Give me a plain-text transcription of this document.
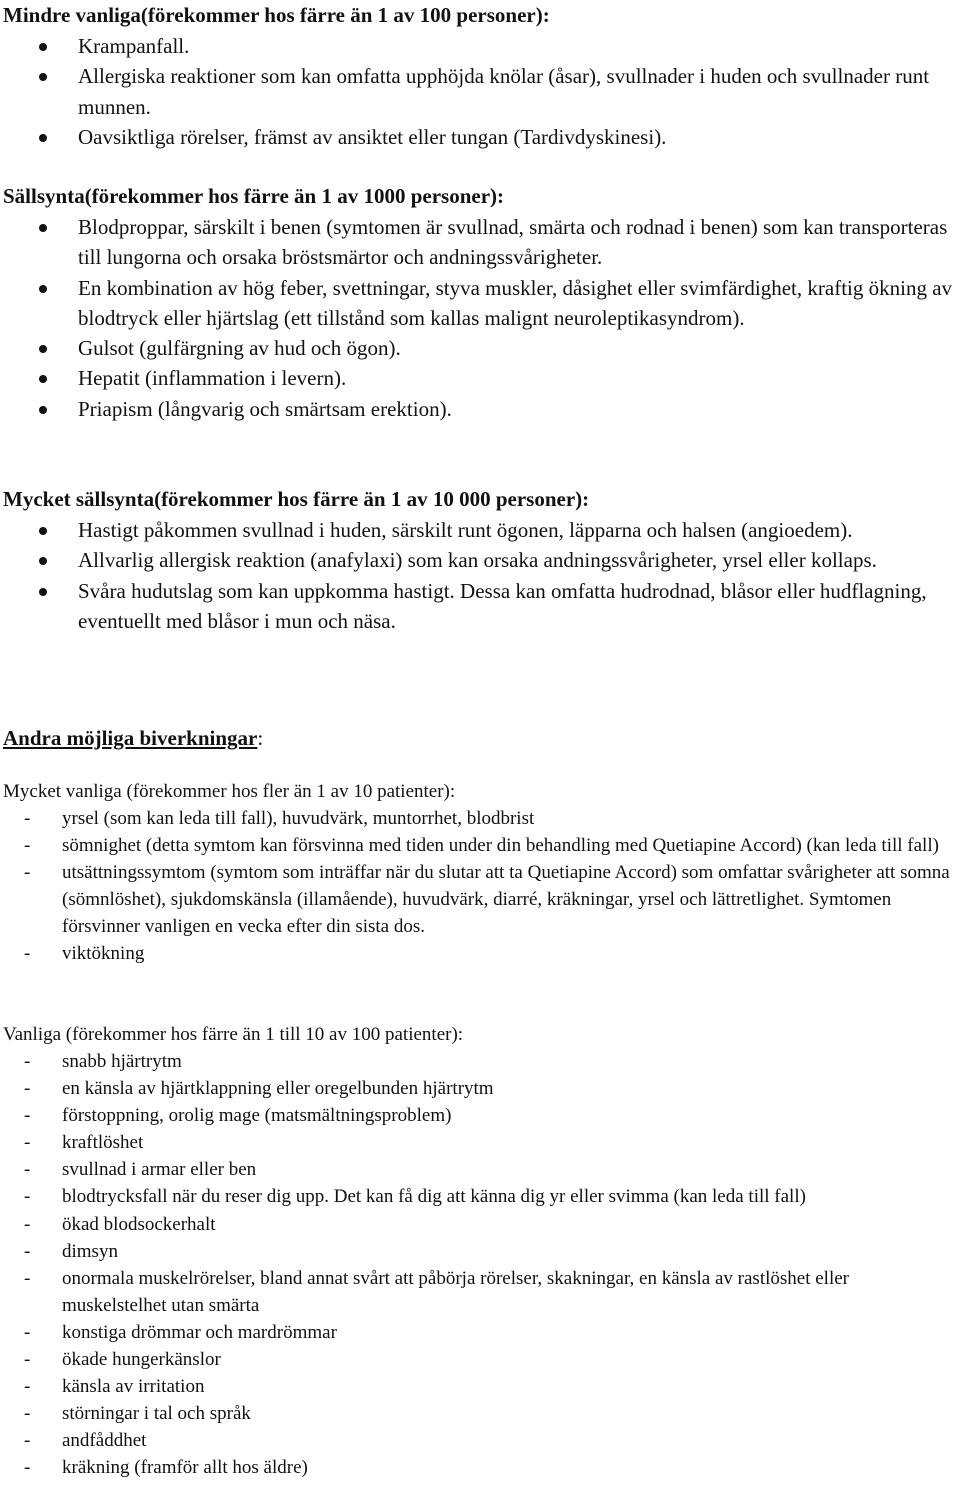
Mindre vanliga(förekommer hos färre än 1 av 100 personer):

Krampanfall.
Allergiska reaktioner som kan omfatta upphöjda knölar (åsar), svullnader i huden och svullnader runt munnen.
Oavsiktliga rörelser, främst av ansiktet eller tungan (Tardivdyskinesi).

Sällsynta(förekommer hos färre än 1 av 1000 personer):

Blodproppar, särskilt i benen (symtomen är svullnad, smärta och rodnad i benen) som kan transporteras till lungorna och orsaka bröstsmärtor och andningssvårigheter.
En kombination av hög feber, svettningar, styva muskler, dåsighet eller svimfärdighet, kraftig ökning av blodtryck eller hjärtslag (ett tillstånd som kallas malignt neuroleptikasyndrom).
Gulsot (gulfärgning av hud och ögon).
Hepatit (inflammation i levern).
Priapism (långvarig och smärtsam erektion).

Mycket sällsynta(förekommer hos färre än 1 av 10 000 personer):

Hastigt påkommen svullnad i huden, särskilt runt ögonen, läpparna och halsen (angioedem).
Allvarlig allergisk reaktion (anafylaxi) som kan orsaka andningssvårigheter, yrsel eller kollaps.
Svåra hudutslag som kan uppkomma hastigt. Dessa kan omfatta hudrodnad, blåsor eller hudflagning, eventuellt med blåsor i mun och näsa.

Andra möjliga biverkningar:

Mycket vanliga (förekommer hos fler än 1 av 10 patienter):

- yrsel (som kan leda till fall), huvudvärk, muntorrhet, blodbrist
- sömnighet (detta symtom kan försvinna med tiden under din behandling med Quetiapine Accord) (kan leda till fall)
- utsättningssymtom (symtom som inträffar när du slutar att ta Quetiapine Accord) som omfattar svårigheter att somna (sömnlöshet), sjukdomskänsla (illamående), huvudvärk, diarré, kräkningar, yrsel och lättretlighet. Symtomen försvinner vanligen en vecka efter din sista dos.
- viktökning

Vanliga (förekommer hos färre än 1 till 10 av 100 patienter):

- snabb hjärtrytm
- en känsla av hjärtklappning eller oregelbunden hjärtrytm
- förstoppning, orolig mage (matsmältningsproblem)
- kraftlöshet
- svullnad i armar eller ben
- blodtrycksfall när du reser dig upp. Det kan få dig att känna dig yr eller svimma (kan leda till fall)
- ökad blodsockerhalt
- dimsyn
- onormala muskelrörelser, bland annat svårt att påbörja rörelser, skakningar, en känsla av rastlöshet eller muskelstelhet utan smärta
- konstiga drömmar och mardrömmar
- ökade hungerkänslor
- känsla av irritation
- störningar i tal och språk
- andfåddhet
- kräkning (framför allt hos äldre)
